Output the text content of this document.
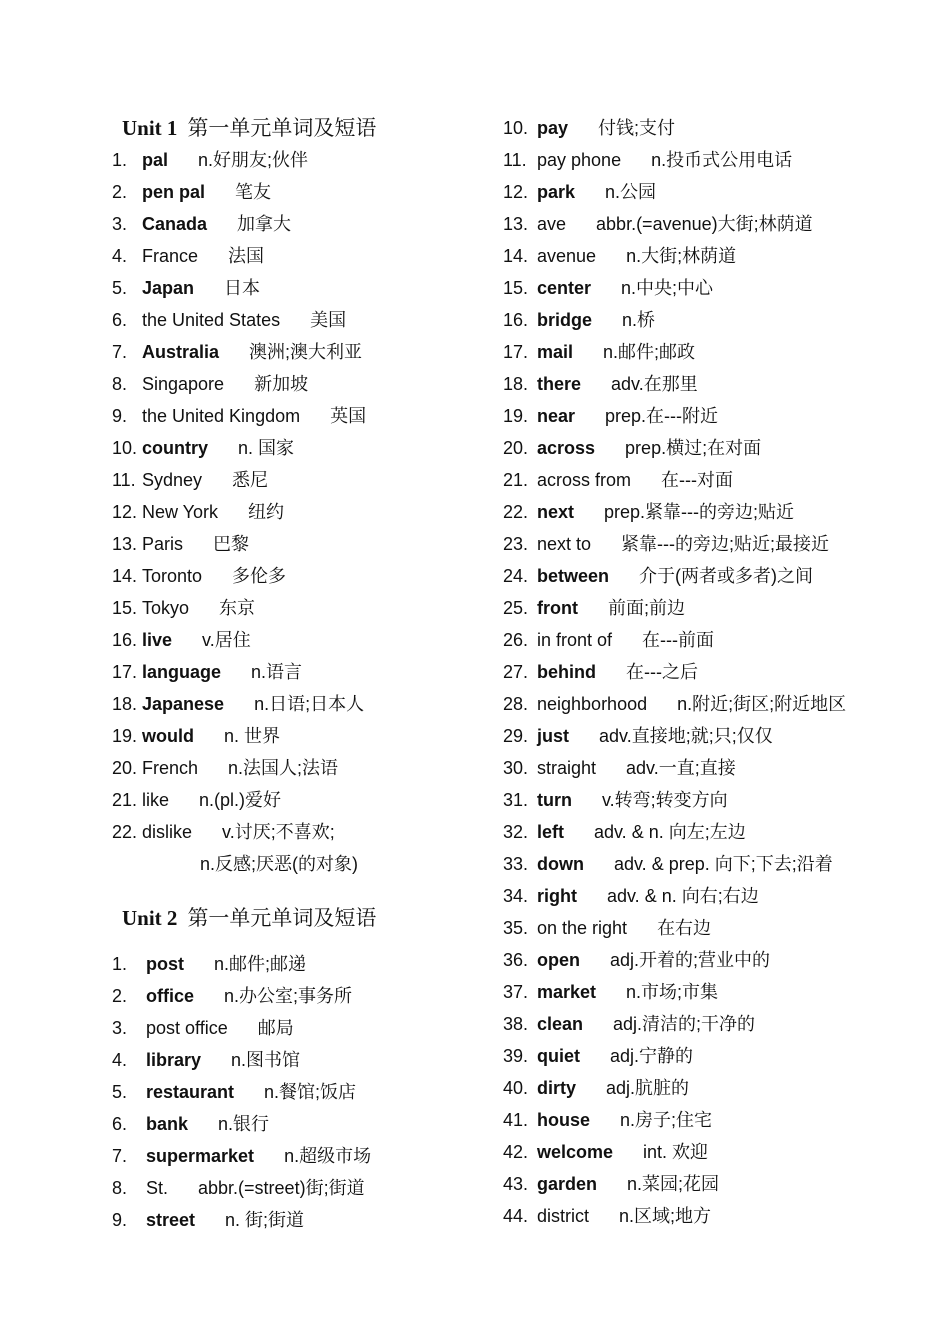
Unit 1 第一单元单词及短语
1. pal n.好朋友;伙伴
2. pen pal 笔友
3. Canada 加拿大
4. France 法国
5. Japan 日本
6. the United States 美国
7. Australia 澳洲;澳大利亚
8. Singapore 新加坡
9. the United Kingdom 英国
10. country n. 国家
11. Sydney 悉尼
12. New York 纽约
13. Paris 巴黎
14. Toronto 多伦多
15. Tokyo 东京
16. live v.居住
17. language n.语言
18. Japanese n.日语;日本人
19. would n. 世界
20. French n.法国人;法语
21. like n.(pl.)爱好
22. dislike v.讨厌;不喜欢;
n.反感;厌恶(的对象)
Unit 2 第一单元单词及短语
1. post n.邮件;邮递
2. office n.办公室;事务所
3. post office 邮局
4. library n.图书馆
5. restaurant n.餐馆;饭店
6. bank n.银行
7. supermarket n.超级市场
8. St. abbr.(=street)街;街道
9. street n. 街;街道
10. pay 付钱;支付
11. pay phone n.投币式公用电话
12. park n.公园
13. ave abbr.(=avenue)大街;林荫道
14. avenue n.大街;林荫道
15. center n.中央;中心
16. bridge n.桥
17. mail n.邮件;邮政
18. there adv.在那里
19. near prep.在---附近
20. across prep.横过;在对面
21. across from 在---对面
22. next prep.紧靠---的旁边;贴近
23. next to 紧靠---的旁边;贴近;最接近
24. between 介于(两者或多者)之间
25. front 前面;前边
26. in front of 在---前面
27. behind 在---之后
28. neighborhood n.附近;街区;附近地区
29. just adv.直接地;就;只;仅仅
30. straight adv.一直;直接
31. turn v.转弯;转变方向
32. left adv. & n. 向左;左边
33. down adv. & prep. 向下;下去;沿着
34. right adv. & n. 向右;右边
35. on the right 在右边
36. open adj.开着的;营业中的
37. market n.市场;市集
38. clean adj.清洁的;干净的
39. quiet adj.宁静的
40. dirty adj.肮脏的
41. house n.房子;住宅
42. welcome int. 欢迎
43. garden n.菜园;花园
44. district n.区域;地方
